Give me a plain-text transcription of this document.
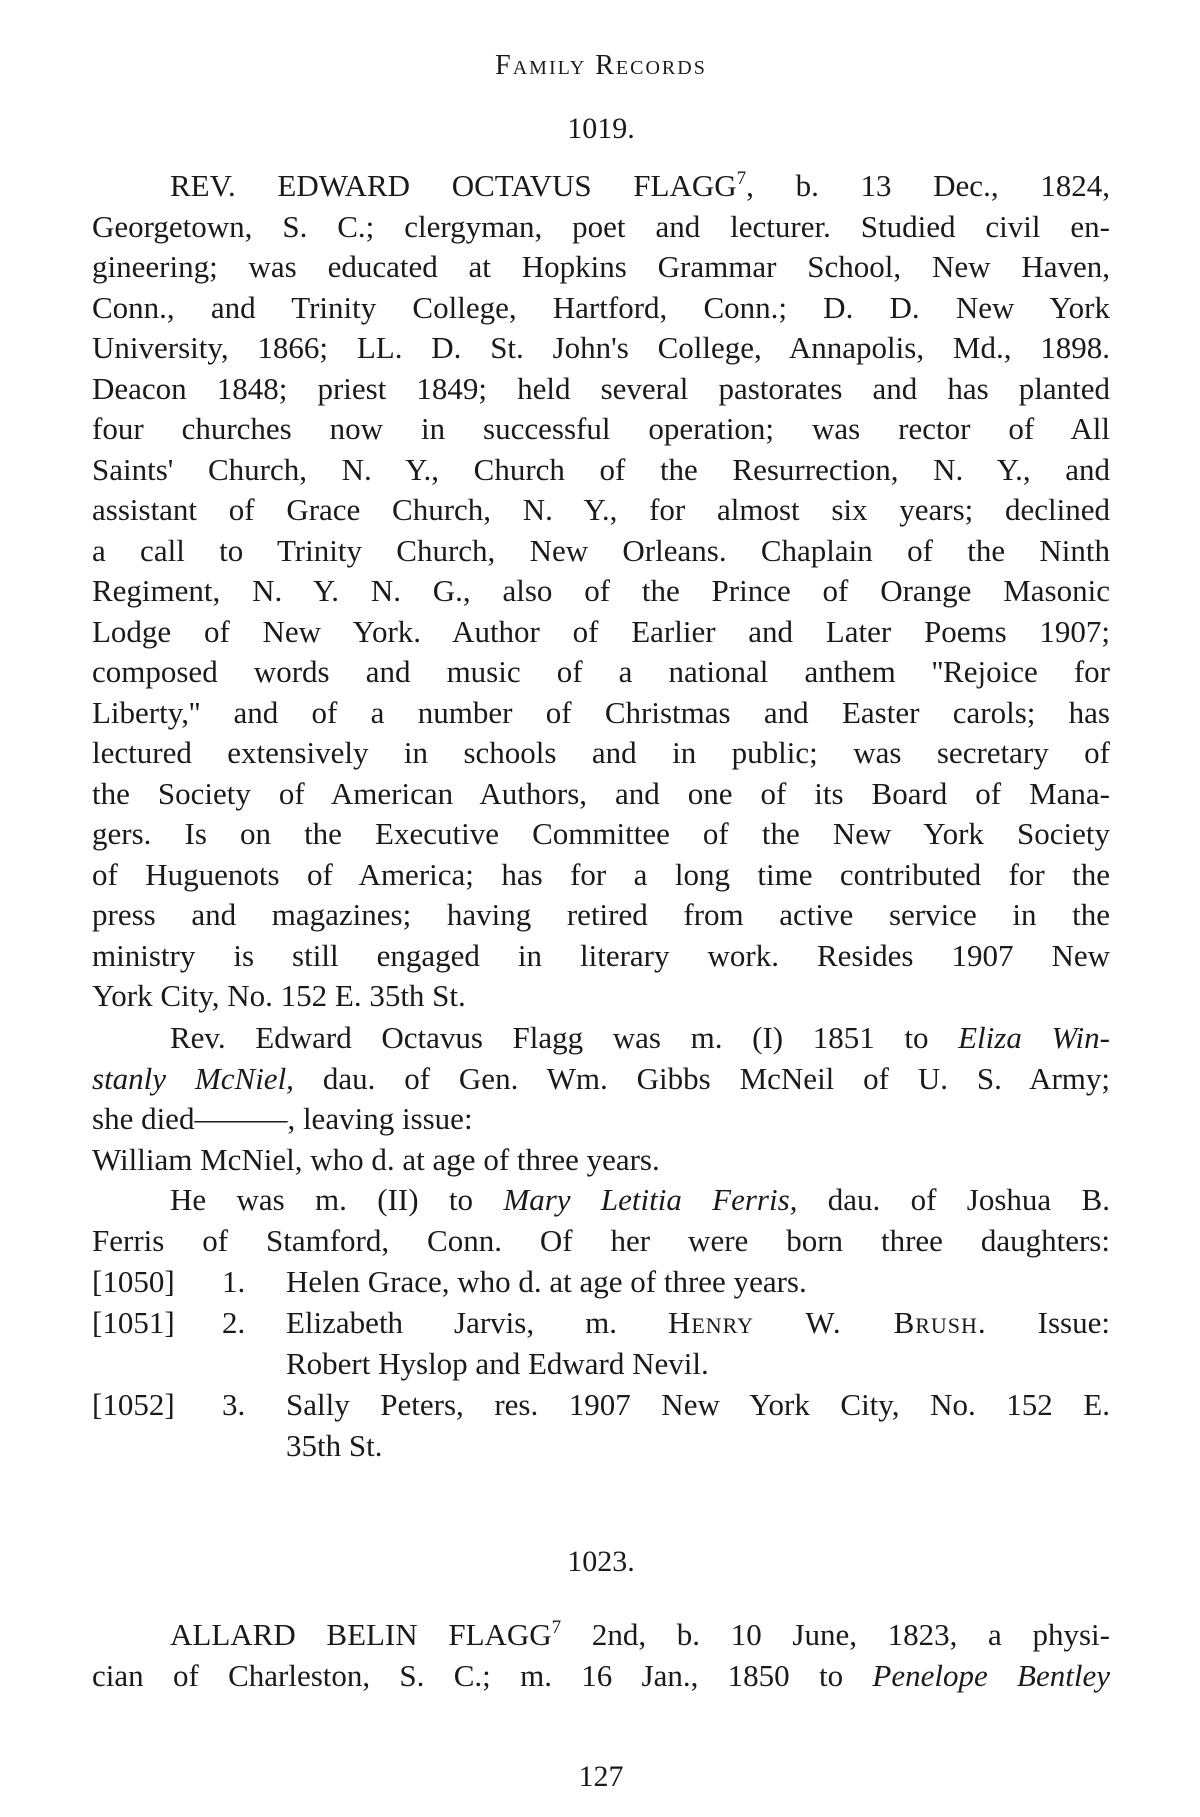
Family Records
1019.
REV. EDWARD OCTAVUS FLAGG$^7$, b. 13 Dec., 1824,
Georgetown, S. C.; clergyman, poet and lecturer. Studied civil en-
gineering; was educated at Hopkins Grammar School, New Haven,
Conn., and Trinity College, Hartford, Conn.; D. D. New York
University, 1866; LL. D. St. John's College, Annapolis, Md., 1898.
Deacon 1848; priest 1849; held several pastorates and has planted
four churches now in successful operation; was rector of All
Saints' Church, N. Y., Church of the Resurrection, N. Y., and
assistant of Grace Church, N. Y., for almost six years; declined
a call to Trinity Church, New Orleans. Chaplain of the Ninth
Regiment, N. Y. N. G., also of the Prince of Orange Masonic
Lodge of New York. Author of Earlier and Later Poems 1907;
composed words and music of a national anthem ''Rejoice for
Liberty,'' and of a number of Christmas and Easter carols; has
lectured extensively in schools and in public; was secretary of
the Society of American Authors, and one of its Board of Mana-
gers. Is on the Executive Committee of the New York Society
of Huguenots of America; has for a long time contributed for the
press and magazines; having retired from active service in the
ministry is still engaged in literary work. Resides 1907 New
York City, No. 152 E. 35th St.
Rev. Edward Octavus Flagg was m. (I) 1851 to Eliza Win-
stanly McNiel, dau. of Gen. Wm. Gibbs McNeil of U. S. Army;
she died———, leaving issue:
William McNiel, who d. at age of three years.
He was m. (II) to Mary Letitia Ferris, dau. of Joshua B.
Ferris of Stamford, Conn. Of her were born three daughters:
[1050]	1.	Helen Grace, who d. at age of three years.
[1051]	2.	Elizabeth Jarvis, m. Henry W. Brush. Issue:
Robert Hyslop and Edward Nevil.
[1052]	3.	Sally Peters, res. 1907 New York City, No. 152 E.
35th St.
1023.
ALLARD BELIN FLAGG$^7$ 2nd, b. 10 June, 1823, a physi-
cian of Charleston, S. C.; m. 16 Jan., 1850 to Penelope Bentley
127
